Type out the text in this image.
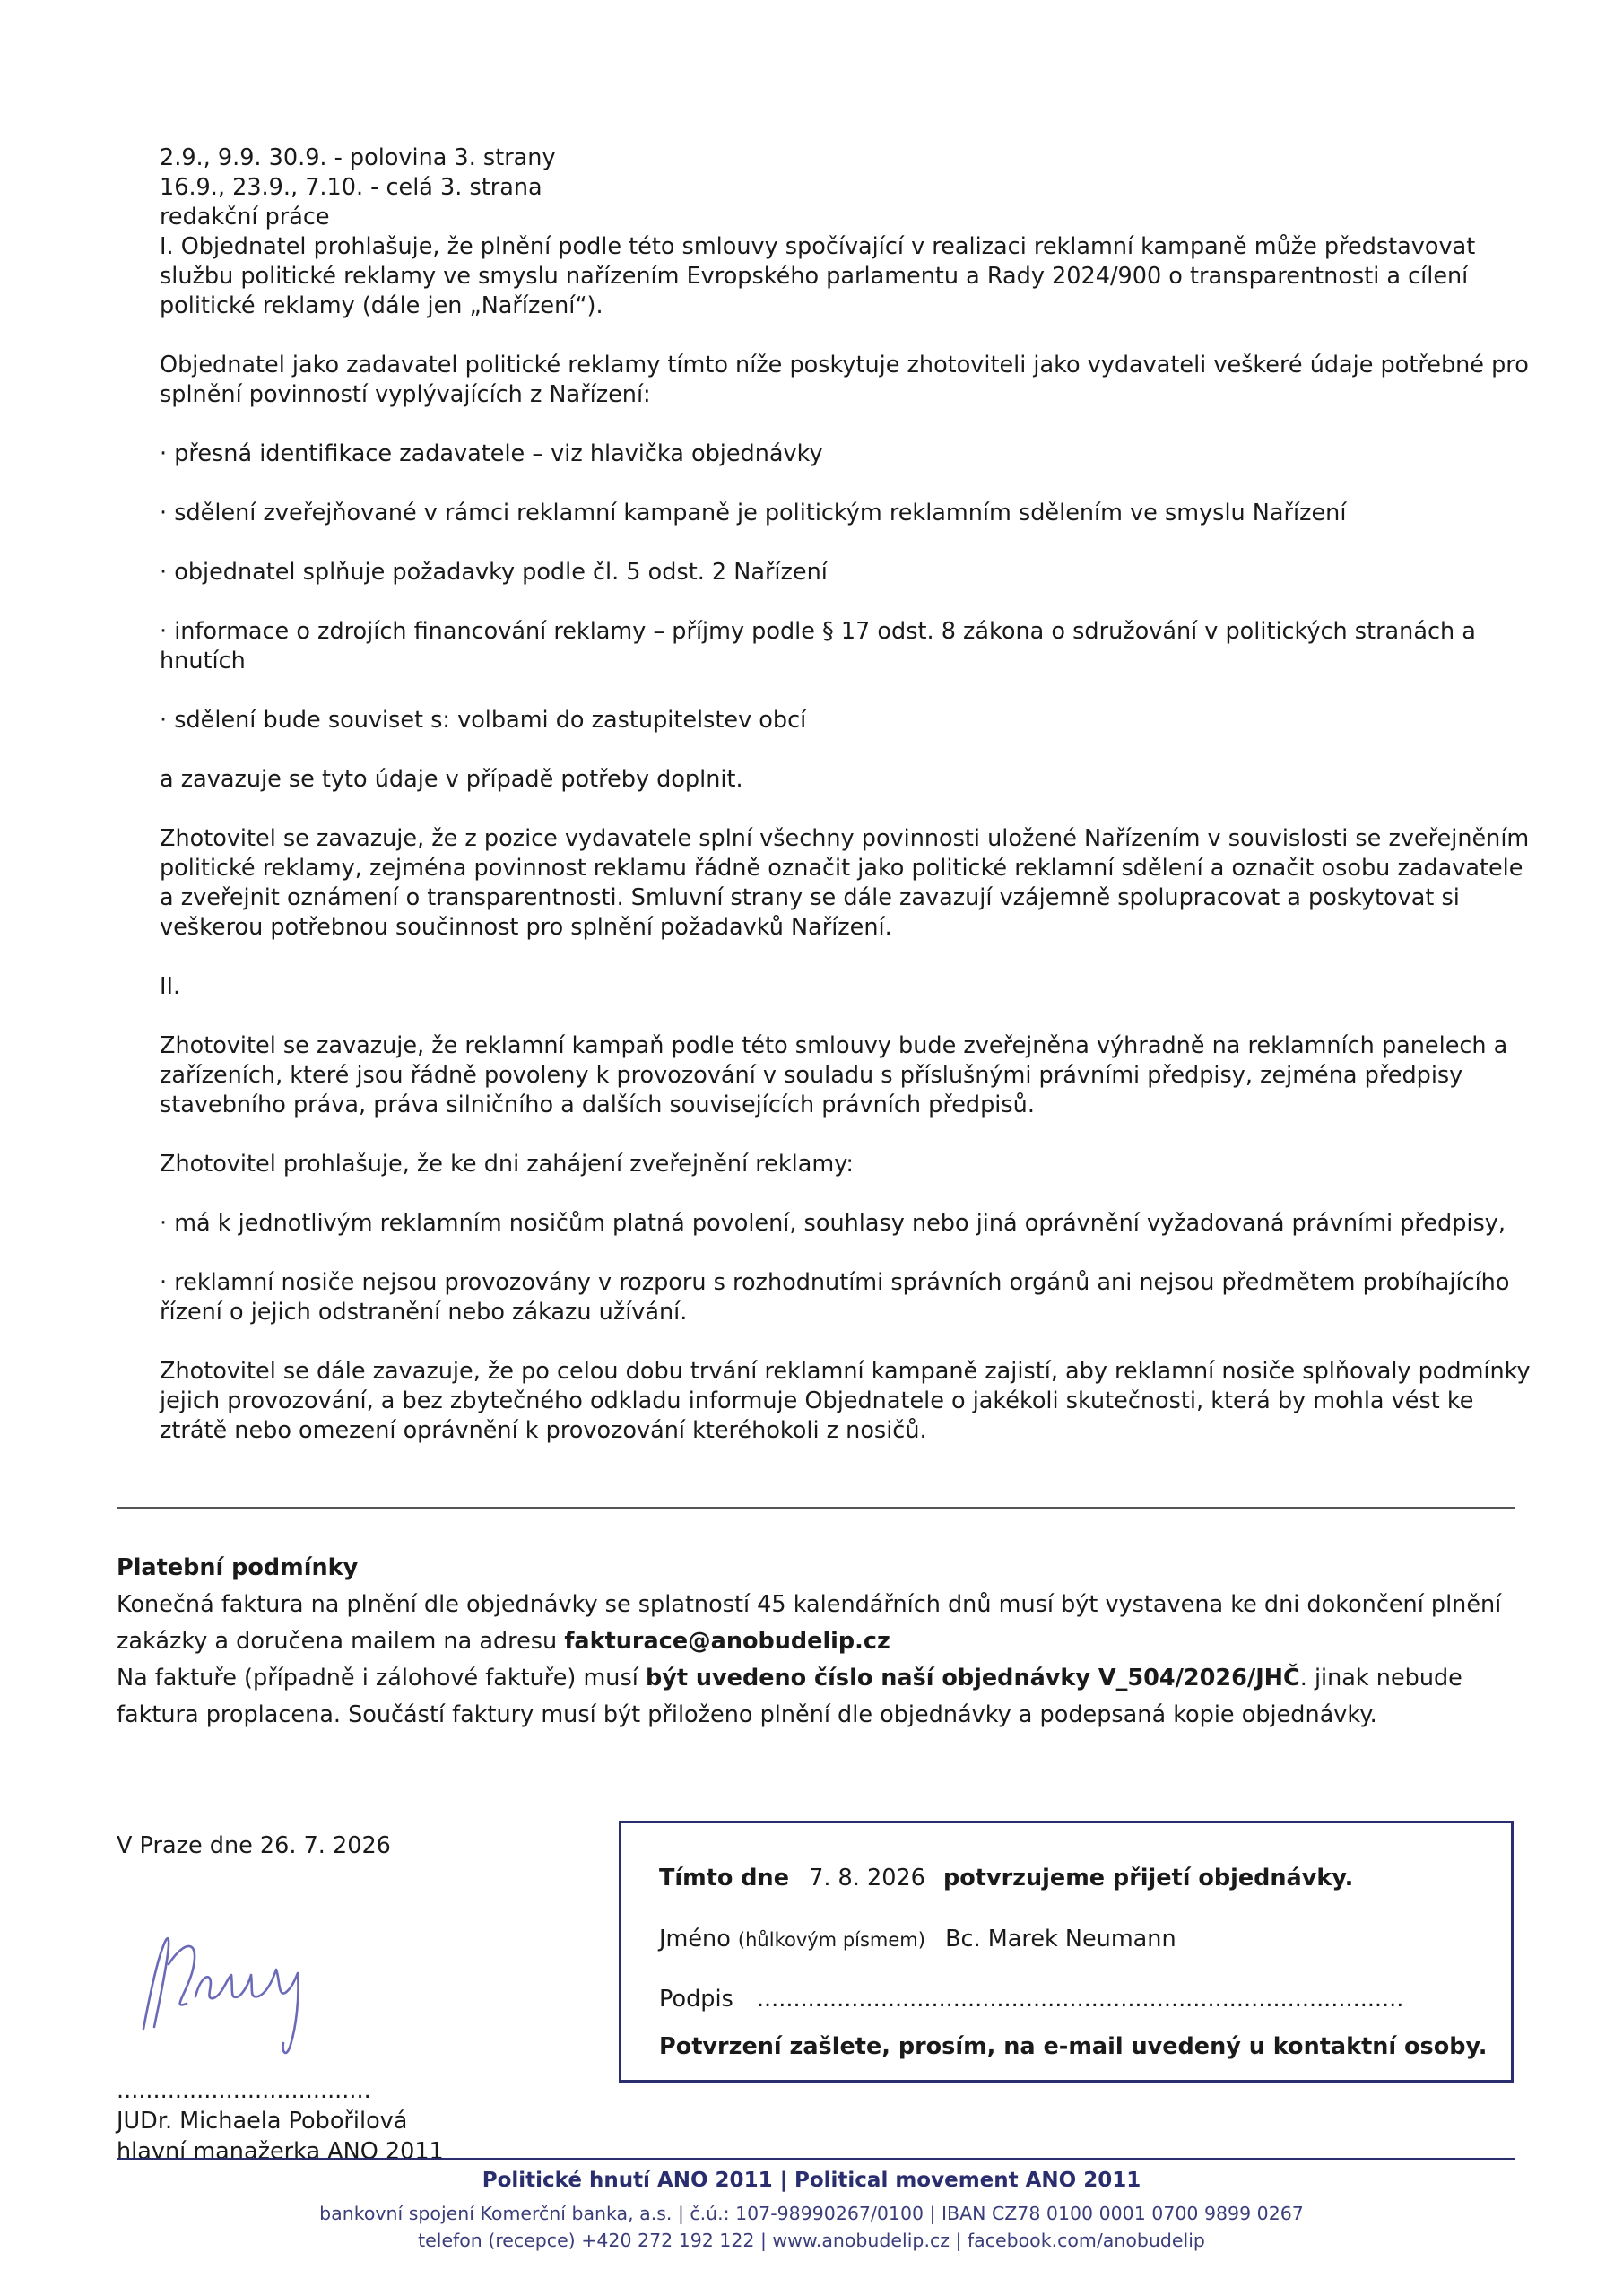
2.9., 9.9. 30.9. - polovina 3. strany
16.9., 23.9., 7.10. - celá 3. strana
redakční práce

I. Objednatel prohlašuje, že plnění podle této smlouvy spočívající v realizaci reklamní kampaně může představovat službu politické reklamy ve smyslu nařízením Evropského parlamentu a Rady 2024/900 o transparentnosti a cílení politické reklamy (dále jen „Nařízení“).

Objednatel jako zadavatel politické reklamy tímto níže poskytuje zhotoviteli jako vydavateli veškeré údaje potřebné pro splnění povinností vyplývajících z Nařízení:

· přesná identifikace zadavatele – viz hlavička objednávky

· sdělení zveřejňované v rámci reklamní kampaně je politickým reklamním sdělením ve smyslu Nařízení

· objednatel splňuje požadavky podle čl. 5 odst. 2 Nařízení

· informace o zdrojích financování reklamy – příjmy podle § 17 odst. 8 zákona o sdružování v politických stranách a hnutích

· sdělení bude souviset s: volbami do zastupitelstev obcí

a zavazuje se tyto údaje v případě potřeby doplnit.

Zhotovitel se zavazuje, že z pozice vydavatele splní všechny povinnosti uložené Nařízením v souvislosti se zveřejněním politické reklamy, zejména povinnost reklamu řádně označit jako politické reklamní sdělení a označit osobu zadavatele a zveřejnit oznámení o transparentnosti. Smluvní strany se dále zavazují vzájemně spolupracovat a poskytovat si veškerou potřebnou součinnost pro splnění požadavků Nařízení.

II.

Zhotovitel se zavazuje, že reklamní kampaň podle této smlouvy bude zveřejněna výhradně na reklamních panelech a zařízeních, které jsou řádně povoleny k provozování v souladu s příslušnými právními předpisy, zejména předpisy stavebního práva, práva silničního a dalších souvisejících právních předpisů.

Zhotovitel prohlašuje, že ke dni zahájení zveřejnění reklamy:

· má k jednotlivým reklamním nosičům platná povolení, souhlasy nebo jiná oprávnění vyžadovaná právními předpisy,

· reklamní nosiče nejsou provozovány v rozporu s rozhodnutími správních orgánů ani nejsou předmětem probíhajícího řízení o jejich odstranění nebo zákazu užívání.

Zhotovitel se dále zavazuje, že po celou dobu trvání reklamní kampaně zajistí, aby reklamní nosiče splňovaly podmínky jejich provozování, a bez zbytečného odkladu informuje Objednatele o jakékoli skutečnosti, která by mohla vést ke ztrátě nebo omezení oprávnění k provozování kteréhokoli z nosičů.

Platební podmínky
Konečná faktura na plnění dle objednávky se splatností 45 kalendářních dnů musí být vystavena ke dni dokončení plnění zakázky a doručena mailem na adresu fakturace@anobudelip.cz
Na faktuře (případně i zálohové faktuře) musí být uvedeno číslo naší objednávky V_504/2026/JHČ. jinak nebude faktura proplacena. Součástí faktury musí být přiloženo plnění dle objednávky a podepsaná kopie objednávky.
V Praze dne 26. 7. 2026
...................................
JUDr. Michaela Pobořilová
hlavní manažerka ANO 2011
Tímto dne 7. 8. 2026 potvrzujeme přijetí objednávky.
Jméno (hůlkovým písmem) Bc. Marek Neumann
Podpis .........................................................................................
Potvrzení zašlete, prosím, na e-mail uvedený u kontaktní osoby.
Politické hnutí ANO 2011 | Political movement ANO 2011
bankovní spojení Komerční banka, a.s. | č.ú.: 107-98990267/0100 | IBAN CZ78 0100 0001 0700 9899 0267
telefon (recepce) +420 272 192 122 | www.anobudelip.cz | facebook.com/anobudelip
